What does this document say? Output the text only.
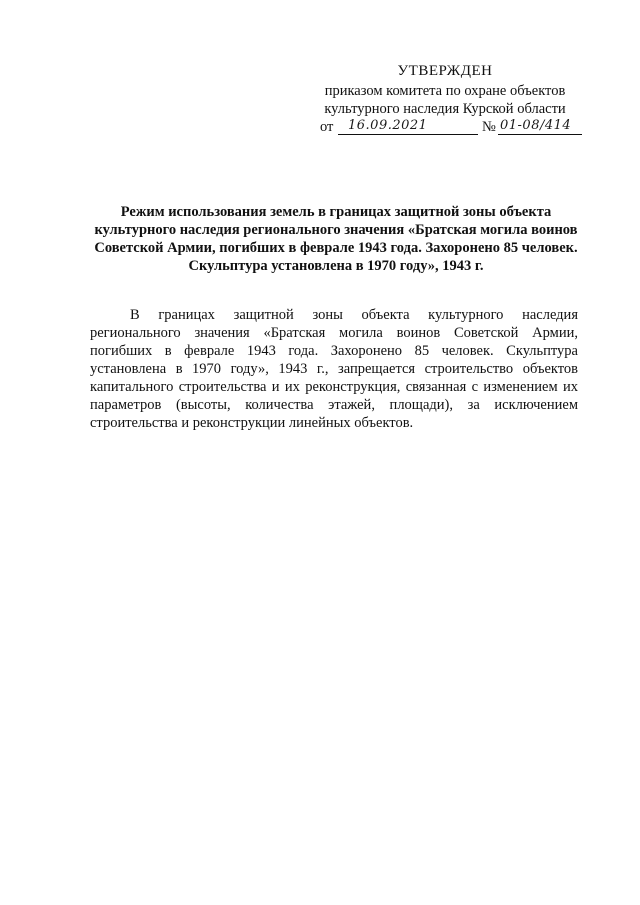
УТВЕРЖДЕН
приказом комитета по охране объектов
культурного наследия Курской области
от 16.09.2021	№ 01-08/414
Режим использования земель в границах защитной зоны объекта культурного наследия регионального значения «Братская могила воинов Советской Армии, погибших в феврале 1943 года. Захоронено 85 человек. Скульптура установлена в 1970 году», 1943 г.
В границах защитной зоны объекта культурного наследия регионального значения «Братская могила воинов Советской Армии, погибших в феврале 1943 года. Захоронено 85 человек. Скульптура установлена в 1970 году», 1943 г., запрещается строительство объектов капитального строительства и их реконструкция, связанная с изменением их параметров (высоты, количества этажей, площади), за исключением строительства и реконструкции линейных объектов.
